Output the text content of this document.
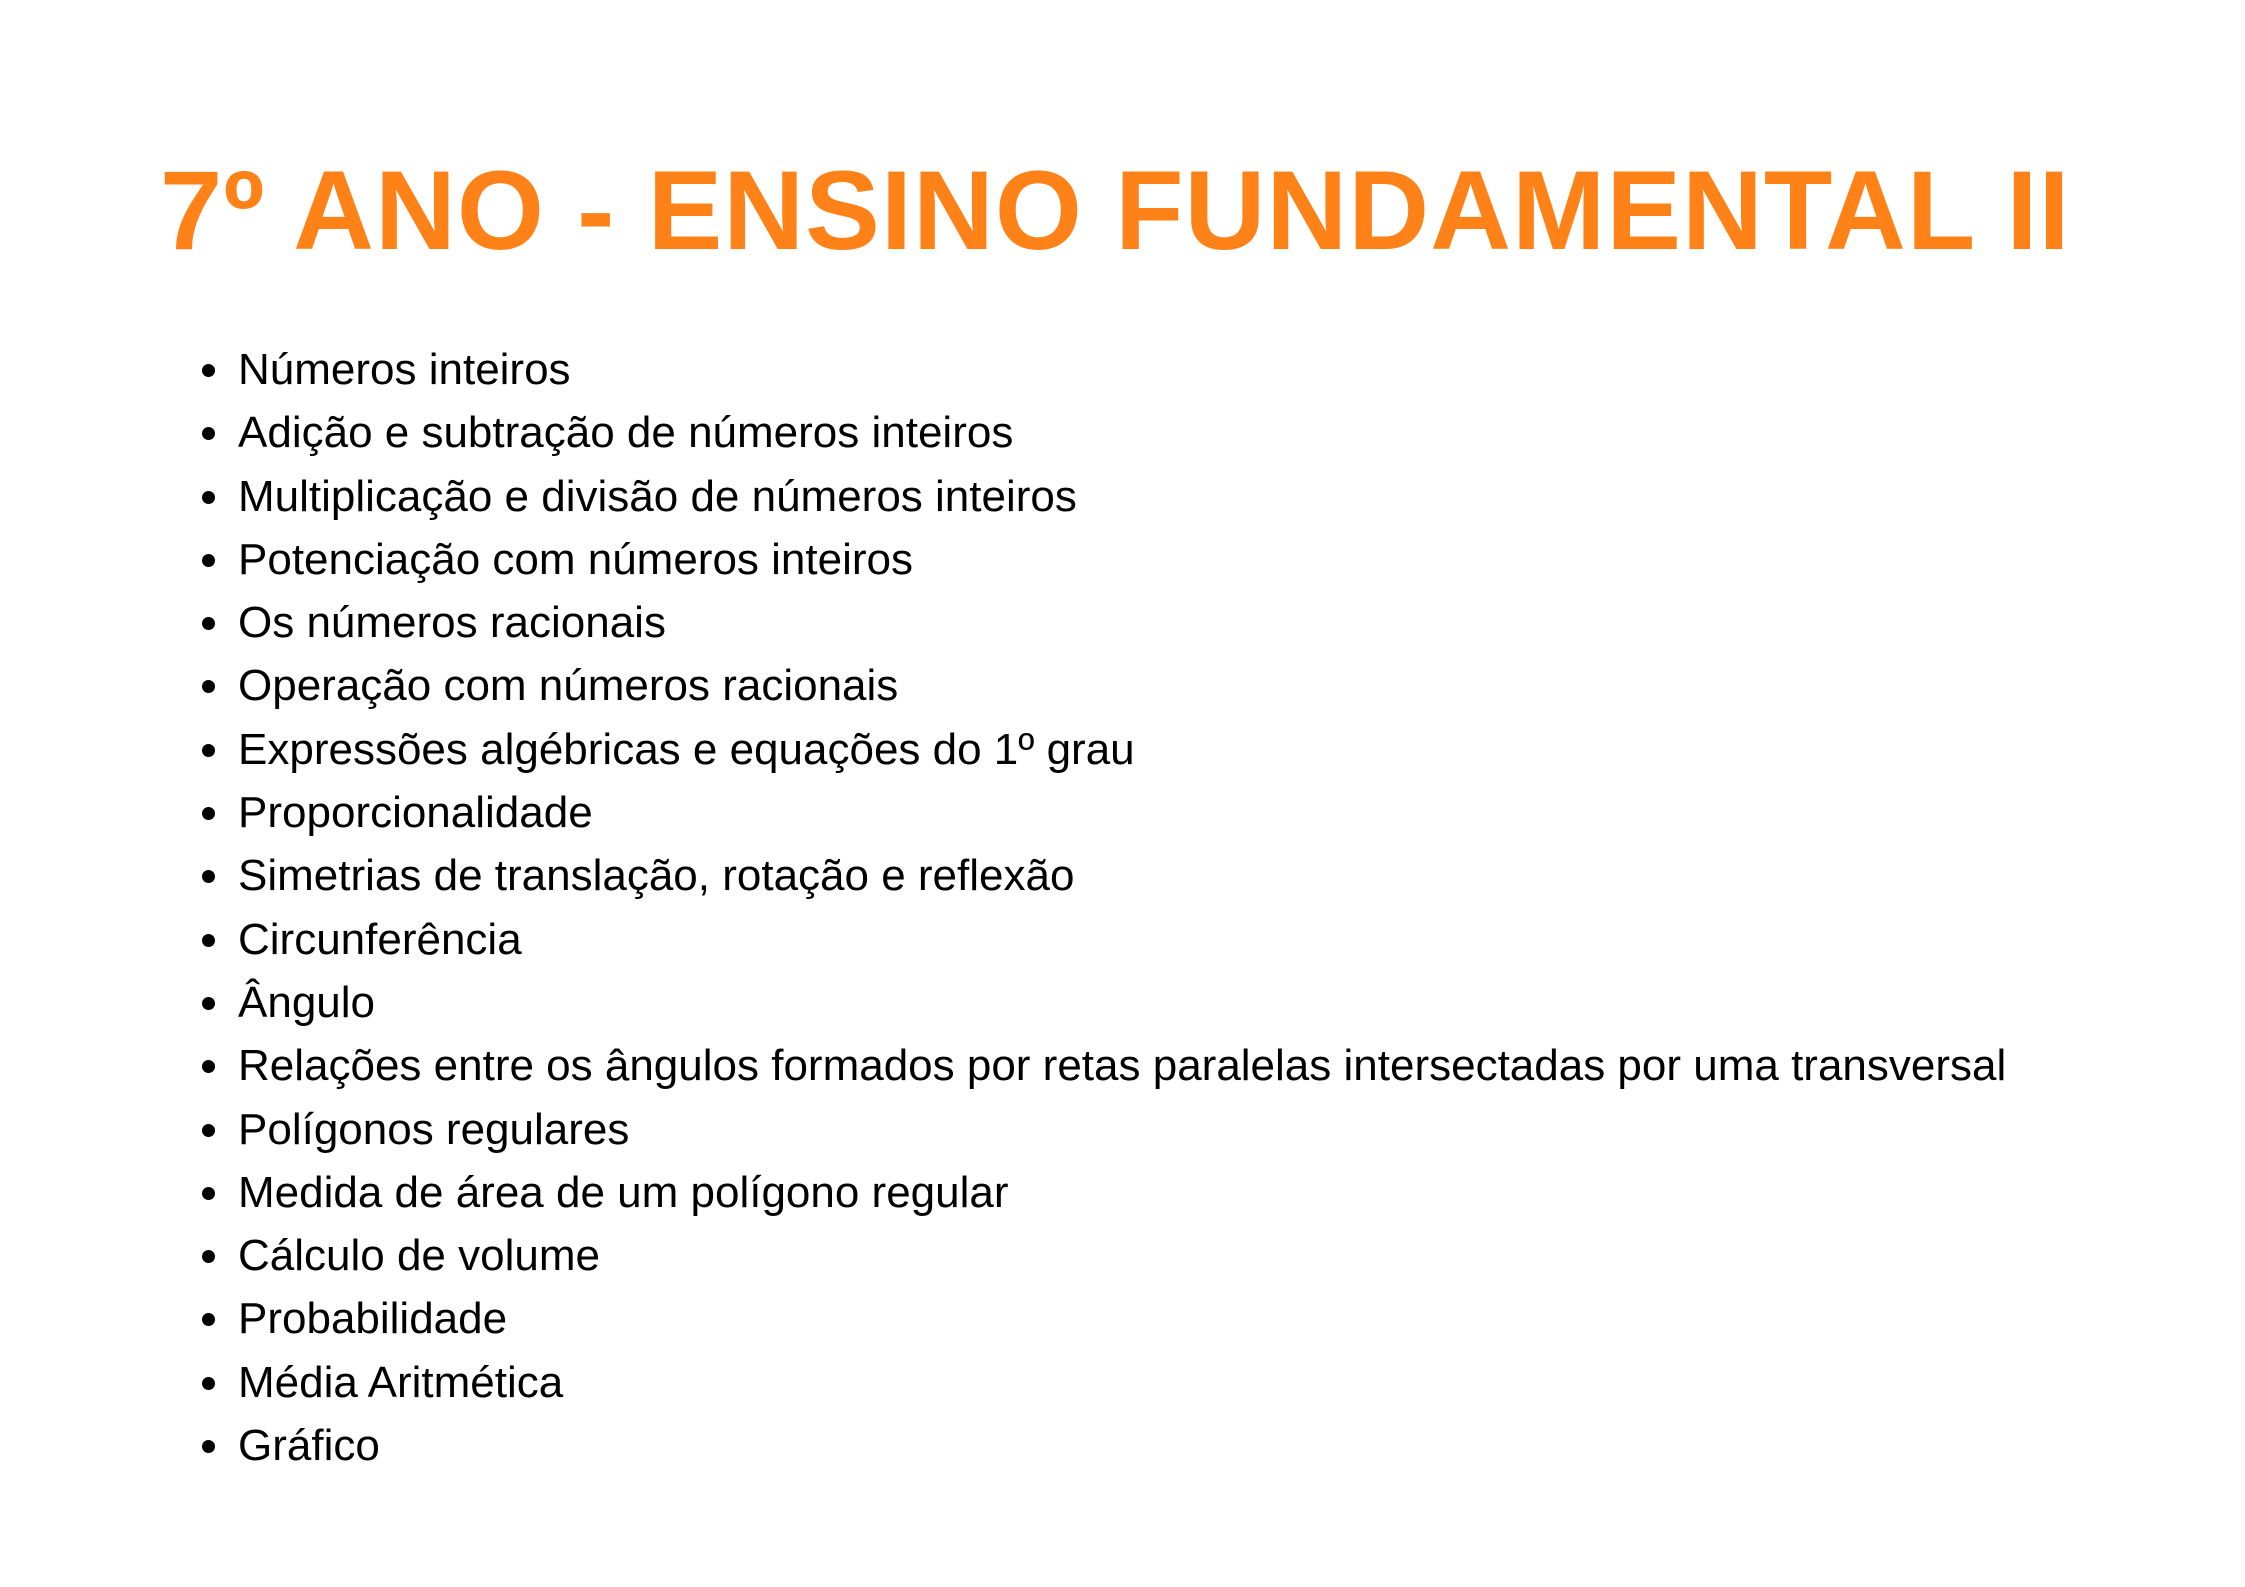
7º ANO - ENSINO FUNDAMENTAL II
Números inteiros
Adição e subtração de números inteiros
Multiplicação e divisão de números inteiros
Potenciação com números inteiros
Os números racionais
Operação com números racionais
Expressões algébricas e equações do 1º grau
Proporcionalidade
Simetrias de translação, rotação e reflexão
Circunferência
Ângulo
Relações entre os ângulos formados por retas paralelas intersectadas por uma transversal
Polígonos regulares
Medida de área de um polígono regular
Cálculo de volume
Probabilidade
Média Aritmética
Gráfico
